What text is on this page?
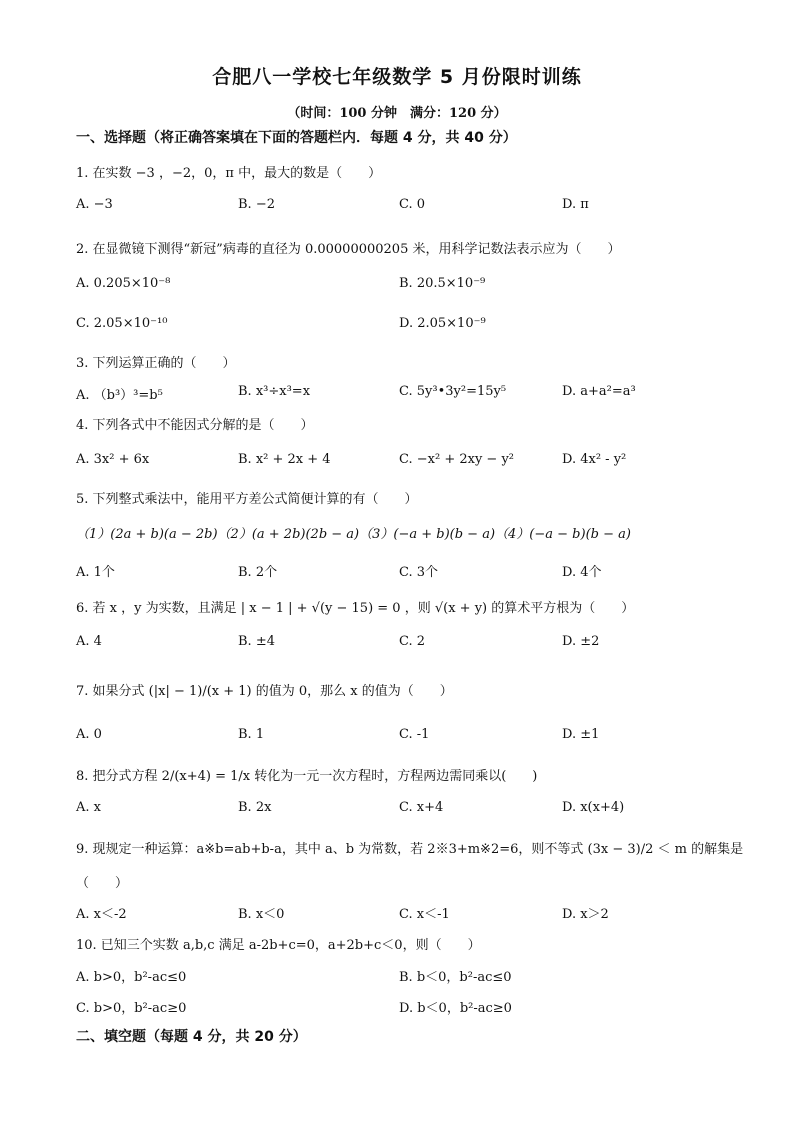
合肥八一学校七年级数学 5 月份限时训练
（时间：100 分钟　满分：120 分）
一、选择题（将正确答案填在下面的答题栏内．每题 4 分，共 40 分）
1. 在实数 −3 ，−2，0，π 中，最大的数是（　　）
A. −3	B. −2	C. 0	D. π
2. 在显微镜下测得“新冠”病毒的直径为 0.00000000205 米，用科学记数法表示应为（　　）
A. 0.205×10⁻⁸	B. 20.5×10⁻⁹
C. 2.05×10⁻¹⁰	D. 2.05×10⁻⁹
3. 下列运算正确的（　　）
A. （b³）³=b⁵	B. x³÷x³=x	C. 5y³•3y²=15y⁵	D. a+a²=a³
4. 下列各式中不能因式分解的是（　　）
A. 3x² + 6x	B. x² + 2x + 4	C. −x² + 2xy − y²	D. 4x² - y²
5. 下列整式乘法中，能用平方差公式简便计算的有（　　）
（1）(2a + b)(a − 2b)（2）(a + 2b)(2b − a)（3）(−a + b)(b − a)（4）(−a − b)(b − a)
A. 1个	B. 2个	C. 3个	D. 4个
6. 若 x ，y 为实数，且满足 | x − 1 | + √(y − 15) = 0 ，则 √(x + y) 的算术平方根为（　　）
A. 4	B. ±4	C. 2	D. ±2
7. 如果分式 (|x| − 1)/(x + 1) 的值为 0，那么 x 的值为（　　）
A. 0	B. 1	C. -1	D. ±1
8. 把分式方程 2/(x+4) = 1/x 转化为一元一次方程时，方程两边需同乘以(　　)
A. x	B. 2x	C. x+4	D. x(x+4)
9. 现规定一种运算：a※b=ab+b-a，其中 a、b 为常数，若 2※3+m※2=6，则不等式 (3x − 3)/2 ＜ m 的解集是
（　　）
A. x＜-2	B. x＜0	C. x＜-1	D. x＞2
10. 已知三个实数 a,b,c 满足 a-2b+c=0，a+2b+c＜0，则（　　）
A. b>0，b²-ac≤0	B. b＜0，b²-ac≤0
C. b>0，b²-ac≥0	D. b＜0，b²-ac≥0
二、填空题（每题 4 分，共 20 分）
